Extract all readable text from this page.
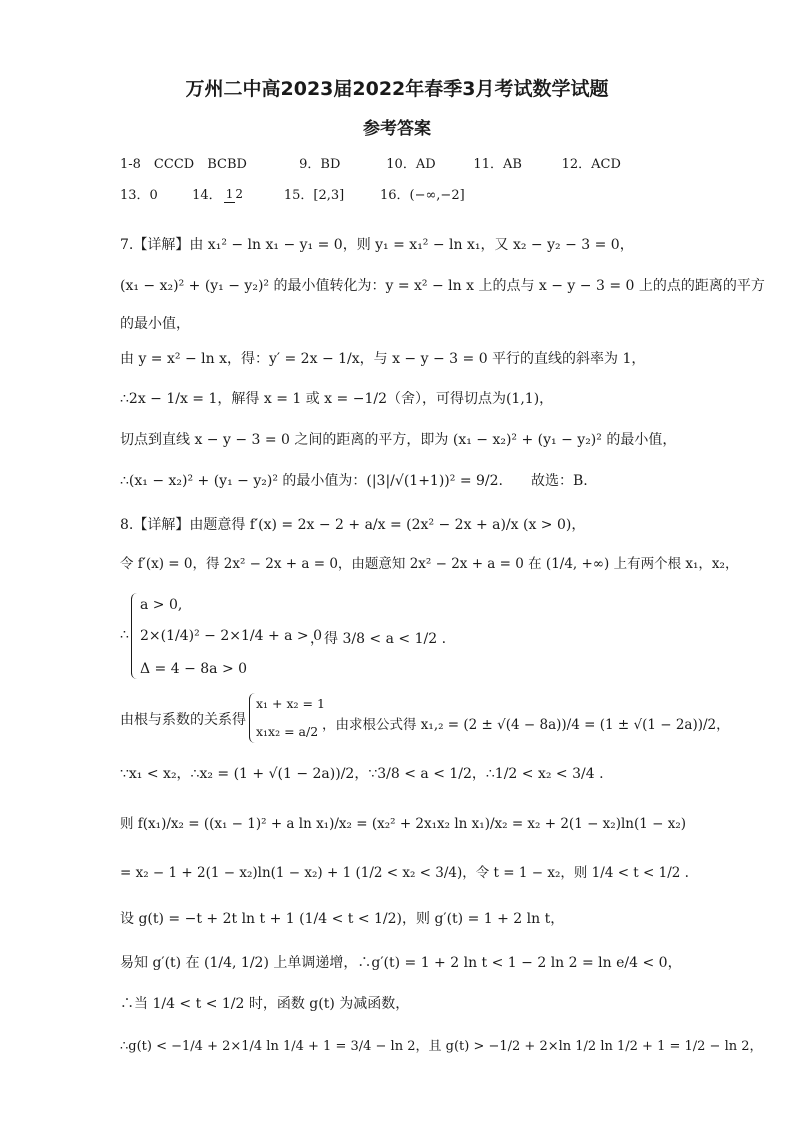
万州二中高2023届2022年春季3月考试数学试题
参考答案
1-8　CCCD　BCBD	9．BD	10．AD	11．AB	12．ACD
13．0	14． 1 2	15．[2,3]	16．(−∞,−2]
7.【详解】由 x₁² − ln x₁ − y₁ = 0，则 y₁ = x₁² − ln x₁，又 x₂ − y₂ − 3 = 0，
(x₁ − x₂)² + (y₁ − y₂)² 的最小值转化为：y = x² − ln x 上的点与 x − y − 3 = 0 上的点的距离的平方
的最小值，
由 y = x² − ln x，得：y′ = 2x − 1/x，与 x − y − 3 = 0 平行的直线的斜率为 1，
∴2x − 1/x = 1，解得 x = 1 或 x = −1/2（舍），可得切点为(1,1)，
切点到直线 x − y − 3 = 0 之间的距离的平方，即为 (x₁ − x₂)² + (y₁ − y₂)² 的最小值，
∴(x₁ − x₂)² + (y₁ − y₂)² 的最小值为：(|3|/√(1+1))² = 9/2.　　故选：B.
8.【详解】由题意得 f′(x) = 2x − 2 + a/x = (2x² − 2x + a)/x (x > 0)，
令 f′(x) = 0，得 2x² − 2x + a = 0，由题意知 2x² − 2x + a = 0 在 (1/4, +∞) 上有两个根 x₁，x₂，
∴
a > 0,
2×(1/4)² − 2×1/4 + a > 0
Δ = 4 − 8a > 0
，得 3/8 < a < 1/2 .
由根与系数的关系得
x₁ + x₂ = 1
x₁x₂ = a/2 ，由求根公式得 x₁,₂ = (2 ± √(4 − 8a))/4 = (1 ± √(1 − 2a))/2，
∵x₁ < x₂，∴x₂ = (1 + √(1 − 2a))/2，∵3/8 < a < 1/2，∴1/2 < x₂ < 3/4 .
则 f(x₁)/x₂ = ((x₁ − 1)² + a ln x₁)/x₂ = (x₂² + 2x₁x₂ ln x₁)/x₂ = x₂ + 2(1 − x₂)ln(1 − x₂)
= x₂ − 1 + 2(1 − x₂)ln(1 − x₂) + 1 (1/2 < x₂ < 3/4)，令 t = 1 − x₂，则 1/4 < t < 1/2 .
设 g(t) = −t + 2t ln t + 1 (1/4 < t < 1/2)，则 g′(t) = 1 + 2 ln t，
易知 g′(t) 在 (1/4, 1/2) 上单调递增，∴g′(t) = 1 + 2 ln t < 1 − 2 ln 2 = ln e/4 < 0，
∴当 1/4 < t < 1/2 时，函数 g(t) 为减函数，
∴g(t) < −1/4 + 2×1/4 ln 1/4 + 1 = 3/4 − ln 2，且 g(t) > −1/2 + 2×ln 1/2 ln 1/2 + 1 = 1/2 − ln 2，
